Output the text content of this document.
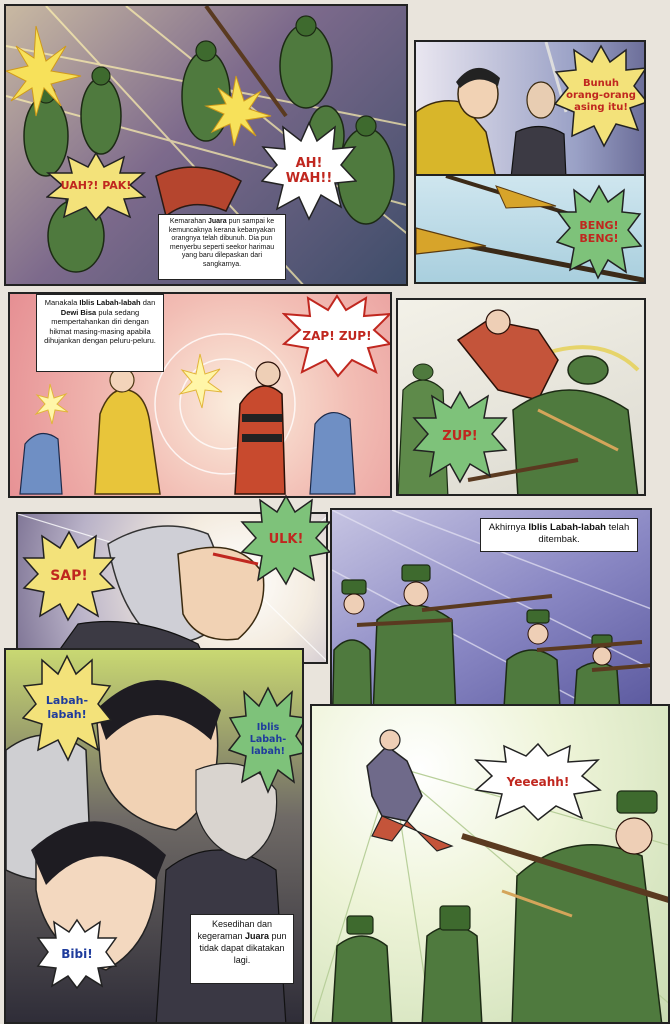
UAH?! PAK!
AH!
WAH!!
Kemarahan Juara pun sampai ke kemuncaknya kerana kebanyakan orangnya telah dibunuh. Dia pun menyerbu seperti seekor harimau yang baru dilepaskan dari sangkarnya.
Bunuh
orang-orang
asing itu!
BENG!
BENG!
Manakala Iblis Labah-labah dan Dewi Bisa pula sedang mempertahankan diri dengan hikmat masing-masing apabila dihujankan dengan peluru-peluru.	ZAP! ZUP!
ZUP!
SAP!
ULK!
Akhirnya Iblis Labah-labah telah ditembak.
Labah-
labah!
Iblis
Labah-
labah!
Bibi!
Kesedihan dan kegeraman Juara pun tidak dapat dikatakan lagi.
Yeeeahh!
